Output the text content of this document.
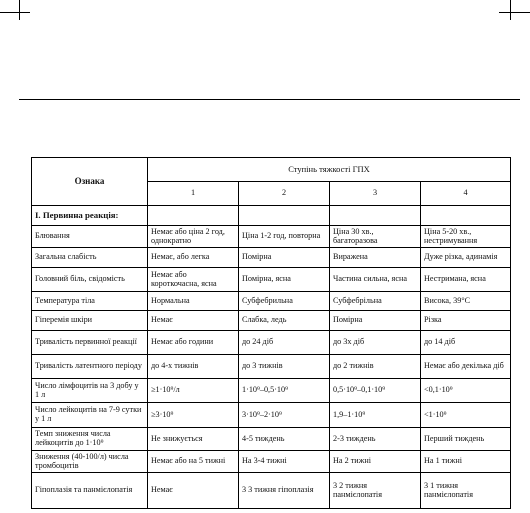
Ознака	Ступінь тяжкості ГПХ			
	1	2	3	4
I. Первинна реакція:				
Блювання	Немає або ціна 2 год, однократно	Ціна 1-2 год, повторна	Ціна 30 хв., багаторазова	Ціна 5-20 хв., нестримування
Загальна слабість	Немає, або легка	Помірна	Виражена	Дуже різка, адинамія
Головний біль, свідомість	Немає або короткочасна, ясна	Помірна, ясна	Частина сильна, ясна	Нестримана, ясна
Температура тіла	Нормальна	Субфебрильна	Субфебрільна	Висока, 39°С
Гіперемія шкіри	Немає	Слабка, ледь	Помірна	Різка
Тривалість первинної реакції	Немає або години	до 24 діб	до 3х діб	до 14 діб
Тривалість латентного періоду	до 4-х тижнів	до 3 тижнів	до 2 тижнів	Немає або декілька діб
Число лімфоцитів на 3 добу у 1 л	≥1·10⁹/л	1·10⁹–0,5·10⁹	0,5·10⁹–0,1·10⁹	<0,1·10⁹
Число лейкоцитів на 7-9 сутки у 1 л	≥3·10⁹	3·10⁹–2·10⁹	1,9–1·10⁹	<1·10⁹
Темп зниження числа лейкоцитів до 1·10⁹	Не знижується	4-5 тиждень	2-3 тиждень	Перший тиждень
Зниження (40-100/л) числа тромбоцитів	Немає або на 5 тижні	На 3-4 тижні	На 2 тижні	На 1 тижні
Гіпоплазія та панмієлопатія	Немає	3 3 тижня гіпоплазія	3 2 тижня панмієлопатія	3 1 тижня панмієлопатія
